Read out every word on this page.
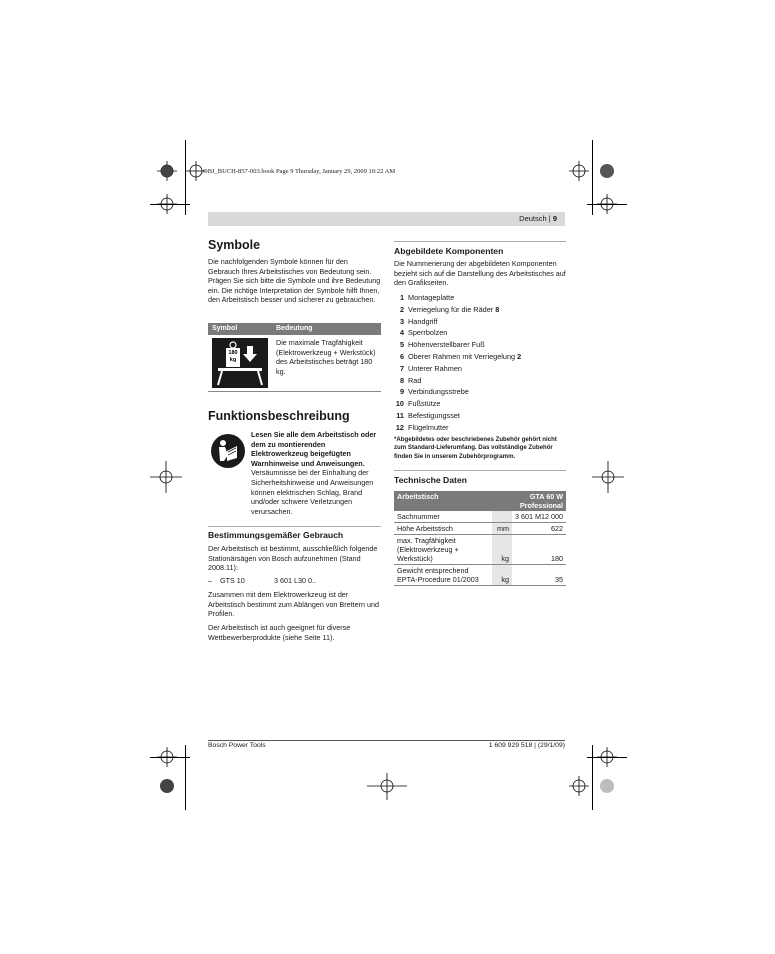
OBJ_BUCH-857-003.book Page 9 Thursday, January 29, 2009 10:22 AM
Deutsch | 9
Symbole
Die nachfolgenden Symbole können für den Gebrauch Ihres Arbeitstisches von Bedeutung sein. Prägen Sie sich bitte die Symbole und ihre Bedeutung ein. Die richtige Interpretation der Symbole hilft Ihnen, den Arbeitstisch besser und sicherer zu gebrauchen.
Symbol	Bedeutung
180
kg
Die maximale Tragfähigkeit (Elektrowerkzeug + Werkstück) des Arbeitstisches beträgt 180 kg.
Funktionsbeschreibung
Lesen Sie alle dem Arbeitstisch oder dem zu montierenden Elektrowerkzeug beigefügten Warnhinweise und Anweisungen. Versäumnisse bei der Einhaltung der Sicherheitshinweise und Anweisungen können elektrischen Schlag, Brand und/oder schwere Verletzungen verursachen.
Bestimmungsgemäßer Gebrauch
Der Arbeitstisch ist bestimmt, ausschließlich folgende Stationärsägen von Bosch aufzunehmen (Stand 2008.11):
– GTS 10	3 601 L30 0..
Zusammen mit dem Elektrowerkzeug ist der Arbeitstisch bestimmt zum Ablängen von Brettern und Profilen.
Der Arbeitstisch ist auch geeignet für diverse Wettbewerberprodukte (siehe Seite 11).
Abgebildete Komponenten
Die Nummerierung der abgebildeten Komponenten bezieht sich auf die Darstellung des Arbeitstisches auf den Grafikseiten.
1 Montageplatte
2 Verriegelung für die Räder 8
3 Handgriff
4 Sperrbolzen
5 Höhenverstellbarer Fuß
6 Oberer Rahmen mit Verriegelung 2
7 Unterer Rahmen
8 Rad
9 Verbindungsstrebe
10 Fußstütze
11 Befestigungsset
12 Flügelmutter
*Abgebildetes oder beschriebenes Zubehör gehört nicht zum Standard-Lieferumfang. Das vollständige Zubehör finden Sie in unserem Zubehörprogramm.
Technische Daten
Arbeitstisch		GTA 60 W
Professional

Sachnummer		3 601 M12 000
Höhe Arbeitstisch	mm	622
max. Tragfähigkeit (Elektrowerkzeug + Werkstück)	kg	180
Gewicht entsprechend EPTA-Procedure 01/2003	kg	35
Bosch Power Tools	1 609 929 518 | (29/1/09)
